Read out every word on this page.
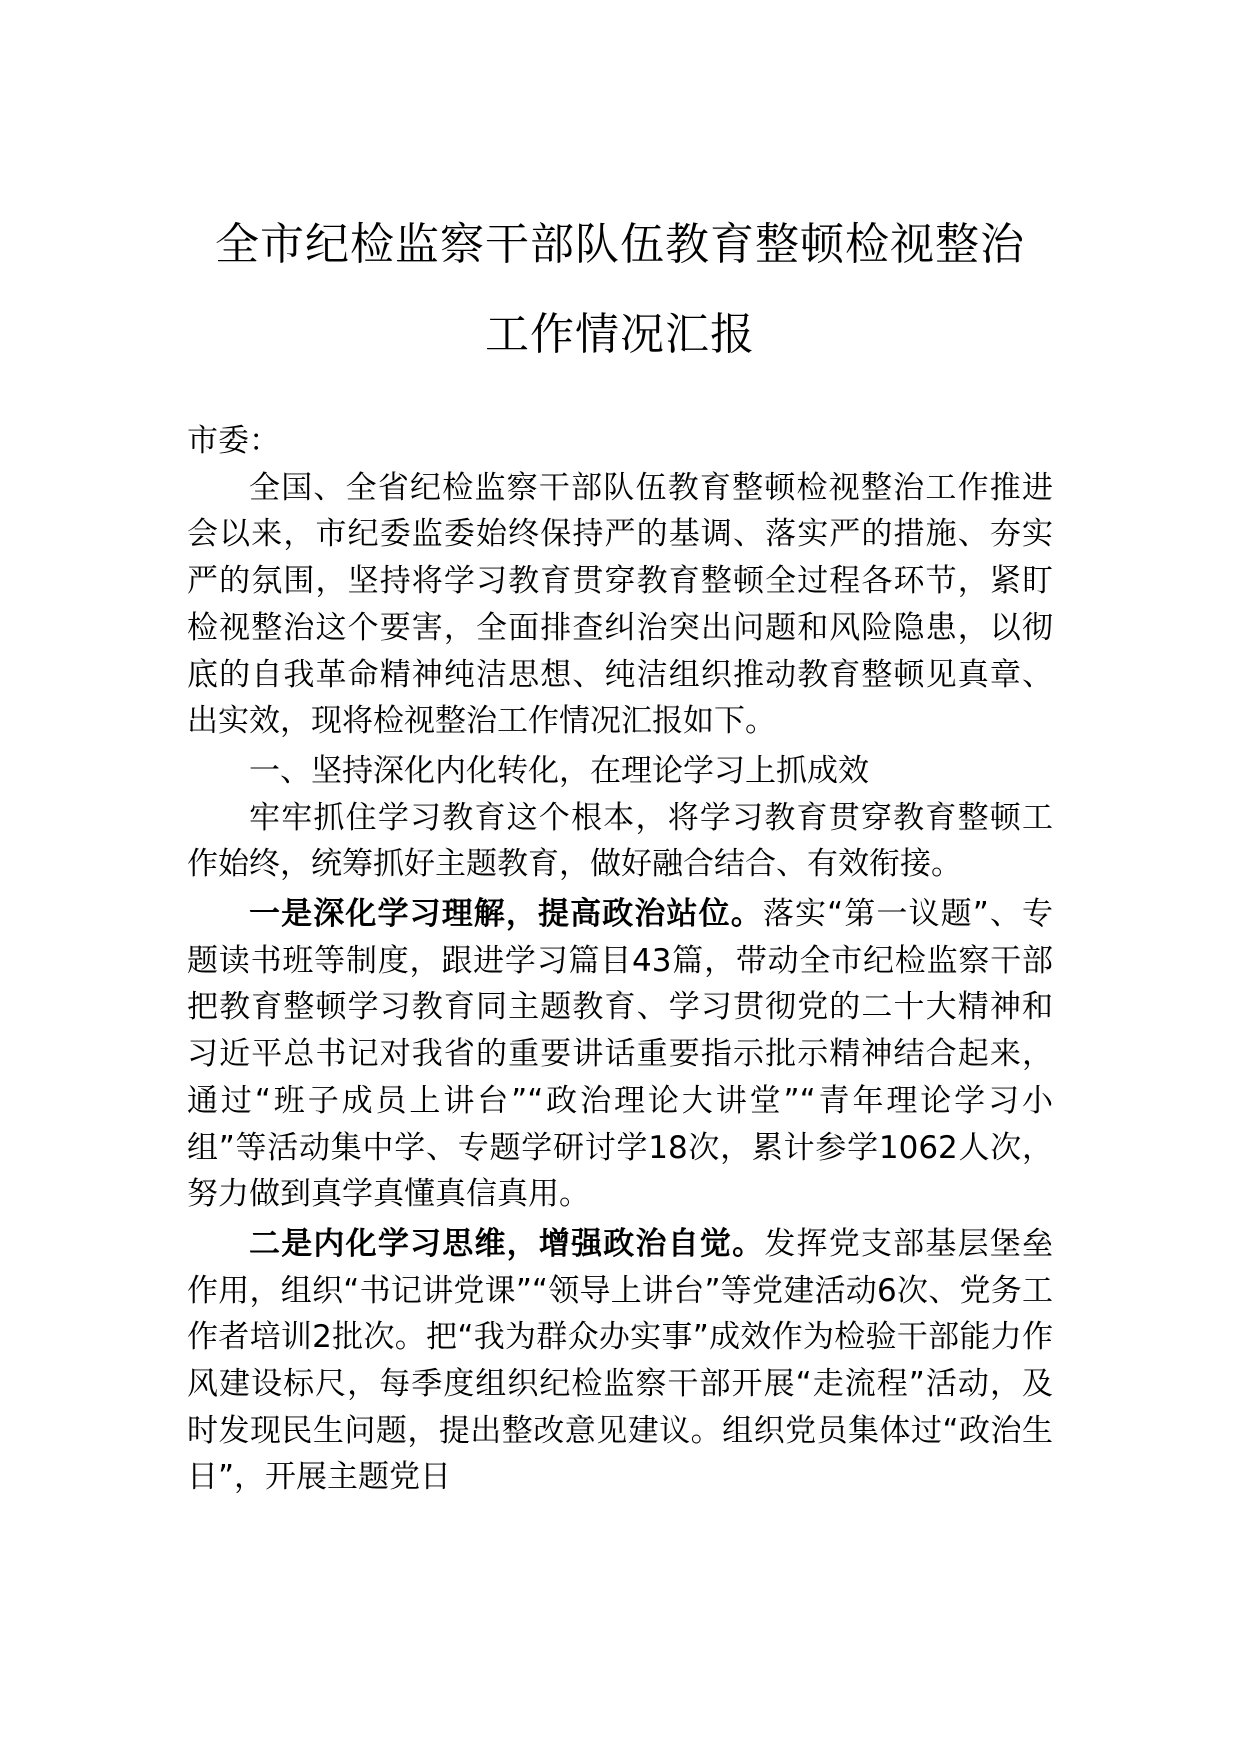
全市纪检监察干部队伍教育整顿检视整治
工作情况汇报

市委：

全国、全省纪检监察干部队伍教育整顿检视整治工作推进会以来，市纪委监委始终保持严的基调、落实严的措施、夯实严的氛围，坚持将学习教育贯穿教育整顿全过程各环节，紧盯检视整治这个要害，全面排查纠治突出问题和风险隐患，以彻底的自我革命精神纯洁思想、纯洁组织推动教育整顿见真章、出实效，现将检视整治工作情况汇报如下。

一、坚持深化内化转化，在理论学习上抓成效

牢牢抓住学习教育这个根本，将学习教育贯穿教育整顿工作始终，统筹抓好主题教育，做好融合结合、有效衔接。

一是深化学习理解，提高政治站位。落实“第一议题”、专题读书班等制度，跟进学习篇目43篇，带动全市纪检监察干部把教育整顿学习教育同主题教育、学习贯彻党的二十大精神和习近平总书记对我省的重要讲话重要指示批示精神结合起来，通过“班子成员上讲台”“政治理论大讲堂”“青年理论学习小组”等活动集中学、专题学研讨学18次，累计参学1062人次，努力做到真学真懂真信真用。

二是内化学习思维，增强政治自觉。发挥党支部基层堡垒作用，组织“书记讲党课”“领导上讲台”等党建活动6次、党务工作者培训2批次。把“我为群众办实事”成效作为检验干部能力作风建设标尺，每季度组织纪检监察干部开展“走流程”活动，及时发现民生问题，提出整改意见建议。组织党员集体过“政治生日”，开展主题党日
